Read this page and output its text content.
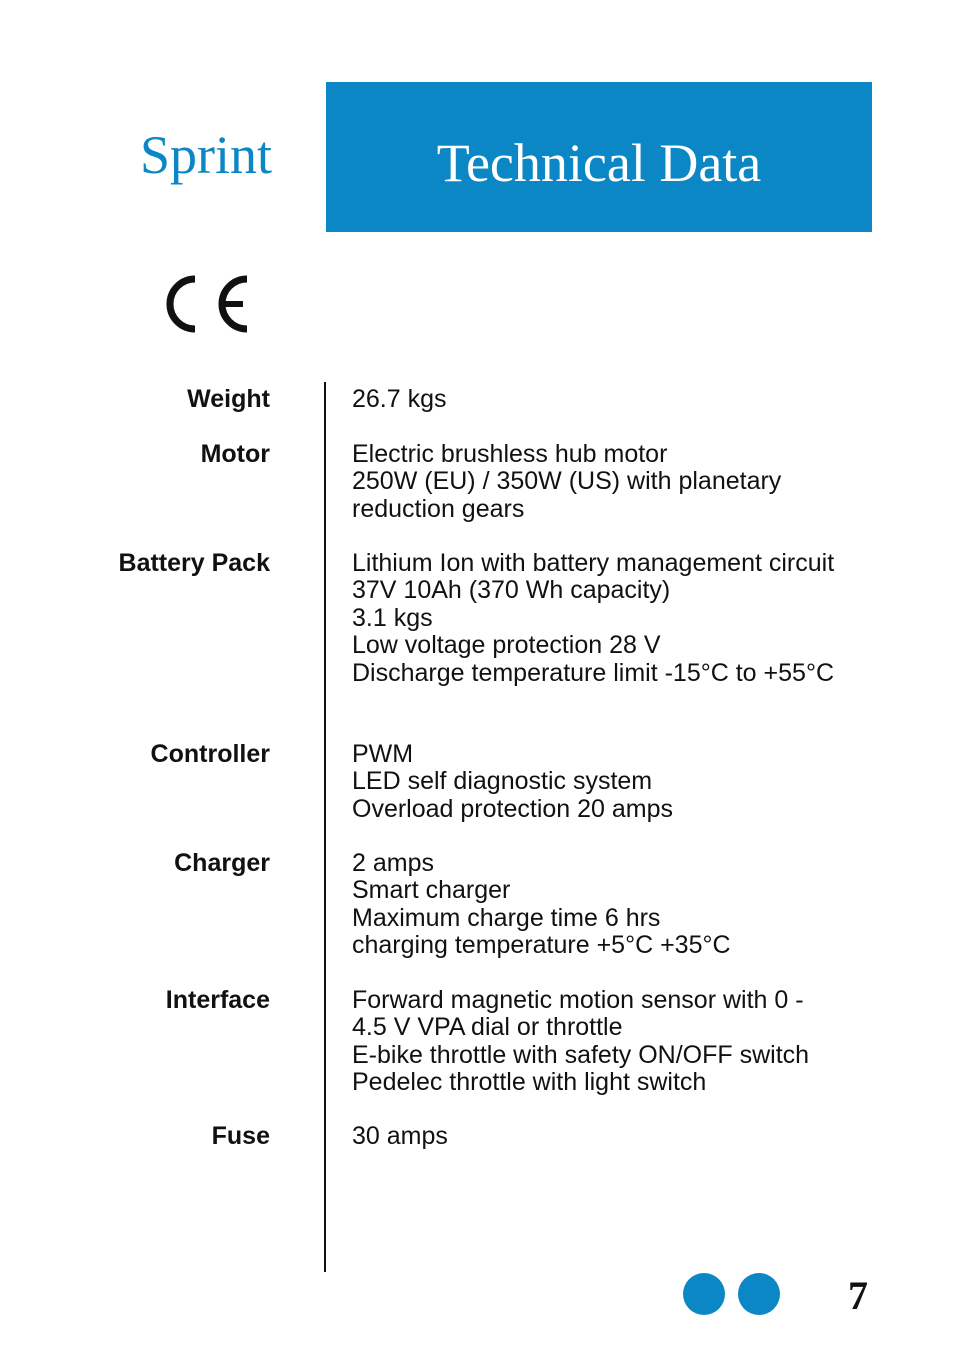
Sprint	Technical Data
Weight	26.7 kgs
Motor	Electric brushless hub motor
250W (EU) / 350W (US) with planetary
reduction gears
Battery Pack	Lithium Ion with battery management circuit
37V 10Ah (370 Wh capacity)
3.1 kgs
Low voltage protection 28 V
Discharge temperature limit -15°C to +55°C
Controller	PWM
LED self diagnostic system
Overload protection 20 amps
Charger	2 amps
Smart charger
Maximum charge time 6 hrs
charging temperature +5°C +35°C
Interface	Forward magnetic motion sensor with 0 -
4.5 V VPA dial or throttle
E-bike throttle with safety ON/OFF switch
Pedelec throttle with light switch
Fuse	30 amps
7
